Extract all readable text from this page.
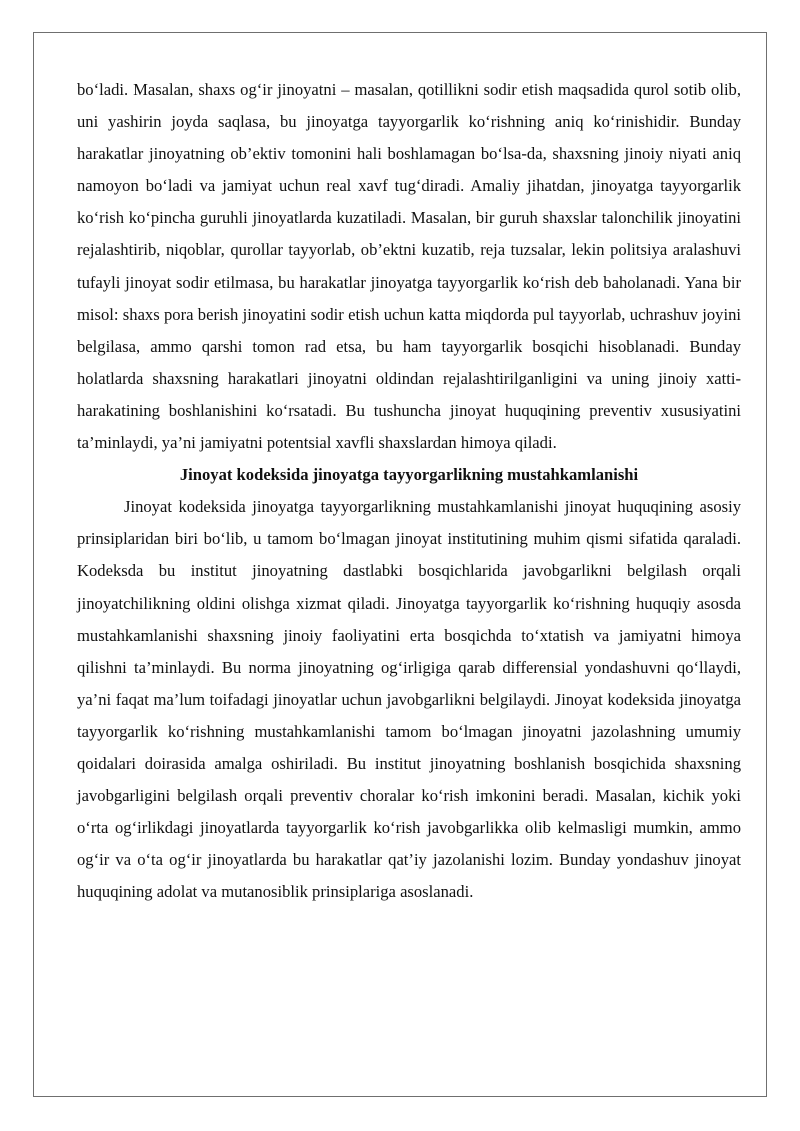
bo‘ladi. Masalan, shaxs og‘ir jinoyatni – masalan, qotillikni sodir etish maqsadida qurol sotib olib, uni yashirin joyda saqlasa, bu jinoyatga tayyorgarlik ko‘rishning aniq ko‘rinishidir. Bunday harakatlar jinoyatning ob’ektiv tomonini hali boshlamagan bo‘lsa-da, shaxsning jinoiy niyati aniq namoyon bo‘ladi va jamiyat uchun real xavf tug‘diradi. Amaliy jihatdan, jinoyatga tayyorgarlik ko‘rish ko‘pincha guruhli jinoyatlarda kuzatiladi. Masalan, bir guruh shaxslar talonchilik jinoyatini rejalashtirib, niqoblar, qurollar tayyorlab, ob’ektni kuzatib, reja tuzsalar, lekin politsiya aralashuvi tufayli jinoyat sodir etilmasa, bu harakatlar jinoyatga tayyorgarlik ko‘rish deb baholanadi. Yana bir misol: shaxs pora berish jinoyatini sodir etish uchun katta miqdorda pul tayyorlab, uchrashuv joyini belgilasa, ammo qarshi tomon rad etsa, bu ham tayyorgarlik bosqichi hisoblanadi. Bunday holatlarda shaxsning harakatlari jinoyatni oldindan rejalashtirilganligini va uning jinoiy xatti-harakatining boshlanishini ko‘rsatadi. Bu tushuncha jinoyat huquqining preventiv xususiyatini ta’minlaydi, ya’ni jamiyatni potentsial xavfli shaxslardan himoya qiladi.

Jinoyat kodeksida jinoyatga tayyorgarlikning mustahkamlanishi

Jinoyat kodeksida jinoyatga tayyorgarlikning mustahkamlanishi jinoyat huquqining asosiy prinsiplaridan biri bo‘lib, u tamom bo‘lmagan jinoyat institutining muhim qismi sifatida qaraladi. Kodeksda bu institut jinoyatning dastlabki bosqichlarida javobgarlikni belgilash orqali jinoyatchilikning oldini olishga xizmat qiladi. Jinoyatga tayyorgarlik ko‘rishning huquqiy asosda mustahkamlanishi shaxsning jinoiy faoliyatini erta bosqichda to‘xtatish va jamiyatni himoya qilishni ta’minlaydi. Bu norma jinoyatning og‘irligiga qarab differensial yondashuvni qo‘llaydi, ya’ni faqat ma’lum toifadagi jinoyatlar uchun javobgarlikni belgilaydi. Jinoyat kodeksida jinoyatga tayyorgarlik ko‘rishning mustahkamlanishi tamom bo‘lmagan jinoyatni jazolashning umumiy qoidalari doirasida amalga oshiriladi. Bu institut jinoyatning boshlanish bosqichida shaxsning javobgarligini belgilash orqali preventiv choralar ko‘rish imkonini beradi. Masalan, kichik yoki o‘rta og‘irlikdagi jinoyatlarda tayyorgarlik ko‘rish javobgarlikka olib kelmasligi mumkin, ammo og‘ir va o‘ta og‘ir jinoyatlarda bu harakatlar qat’iy jazolanishi lozim. Bunday yondashuv jinoyat huquqining adolat va mutanosiblik prinsiplariga asoslanadi.
